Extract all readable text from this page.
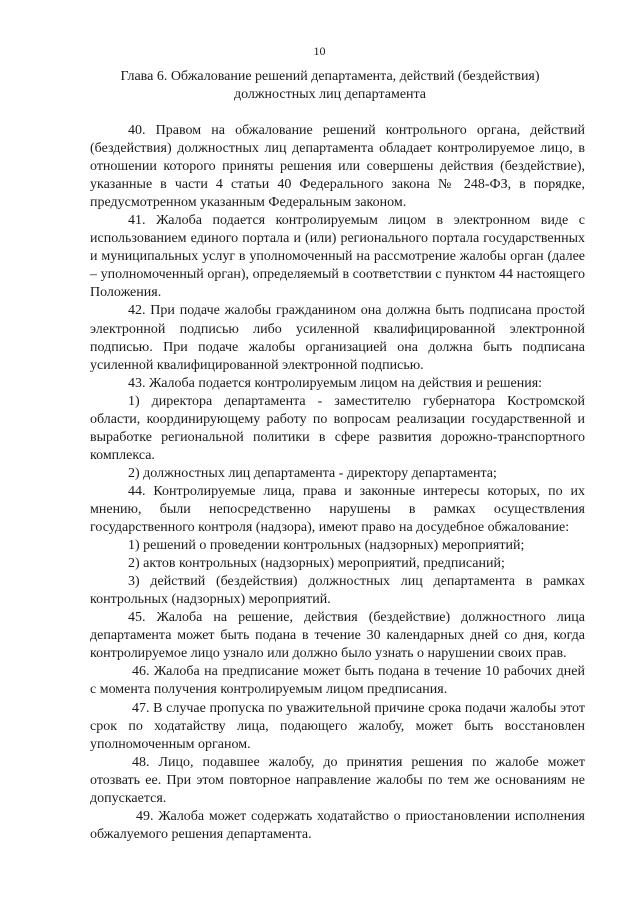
10
Глава 6. Обжалование решений департамента, действий (бездействия) должностных лиц департамента

40. Правом на обжалование решений контрольного органа, действий (бездействия) должностных лиц департамента обладает контролируемое лицо, в отношении которого приняты решения или совершены действия (бездействие), указанные в части 4 статьи 40 Федерального закона № 248-ФЗ, в порядке, предусмотренном указанным Федеральным законом.

41. Жалоба подается контролируемым лицом в электронном виде с использованием единого портала и (или) регионального портала государственных и муниципальных услуг в уполномоченный на рассмотрение жалобы орган (далее – уполномоченный орган), определяемый в соответствии с пунктом 44 настоящего Положения.

42. При подаче жалобы гражданином она должна быть подписана простой электронной подписью либо усиленной квалифицированной электронной подписью. При подаче жалобы организацией она должна быть подписана усиленной квалифицированной электронной подписью.

43. Жалоба подается контролируемым лицом на действия и решения:

1) директора департамента - заместителю губернатора Костромской области, координирующему работу по вопросам реализации государственной и выработке региональной политики в сфере развития дорожно-транспортного комплекса.

2) должностных лиц департамента - директору департамента;

44. Контролируемые лица, права и законные интересы которых, по их мнению, были непосредственно нарушены в рамках осуществления государственного контроля (надзора), имеют право на досудебное обжалование:

1) решений о проведении контрольных (надзорных) мероприятий;

2) актов контрольных (надзорных) мероприятий, предписаний;

3) действий (бездействия) должностных лиц департамента в рамках контрольных (надзорных) мероприятий.

45. Жалоба на решение, действия (бездействие) должностного лица департамента может быть подана в течение 30 календарных дней со дня, когда контролируемое лицо узнало или должно было узнать о нарушении своих прав.

46. Жалоба на предписание может быть подана в течение 10 рабочих дней с момента получения контролируемым лицом предписания.

47. В случае пропуска по уважительной причине срока подачи жалобы этот срок по ходатайству лица, подающего жалобу, может быть восстановлен уполномоченным органом.

48. Лицо, подавшее жалобу, до принятия решения по жалобе может отозвать ее. При этом повторное направление жалобы по тем же основаниям не допускается.

49. Жалоба может содержать ходатайство о приостановлении исполнения обжалуемого решения департамента.
